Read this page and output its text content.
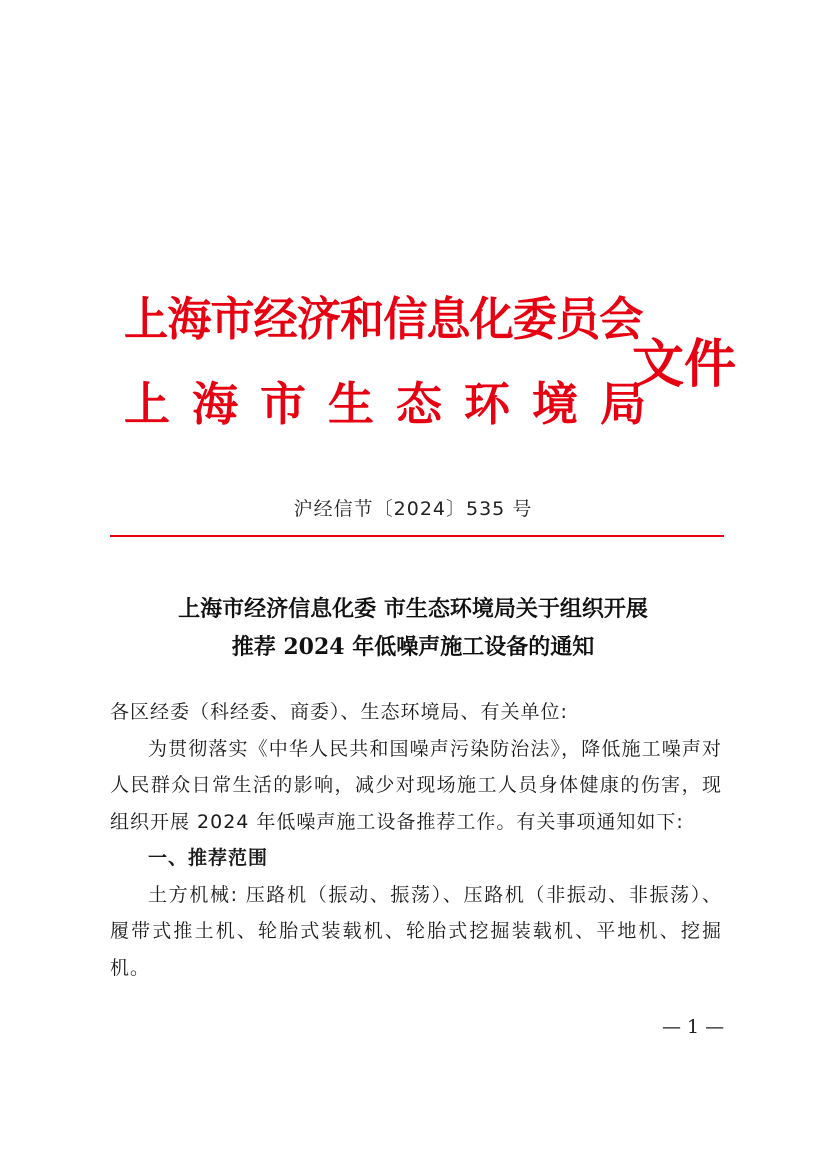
上海市经济和信息化委员会
上海市生态环境局
文件
沪经信节〔2024〕535 号
上海市经济信息化委 市生态环境局关于组织开展
推荐 2024 年低噪声施工设备的通知

各区经委（科经委、商委）、生态环境局、有关单位:

为贯彻落实《中华人民共和国噪声污染防治法》，降低施工噪声对人民群众日常生活的影响，减少对现场施工人员身体健康的伤害，现组织开展 2024 年低噪声施工设备推荐工作。有关事项通知如下:

一、推荐范围

土方机械: 压路机（振动、振荡）、压路机（非振动、非振荡）、履带式推土机、轮胎式装载机、轮胎式挖掘装载机、平地机、挖掘机。

— 1 —
